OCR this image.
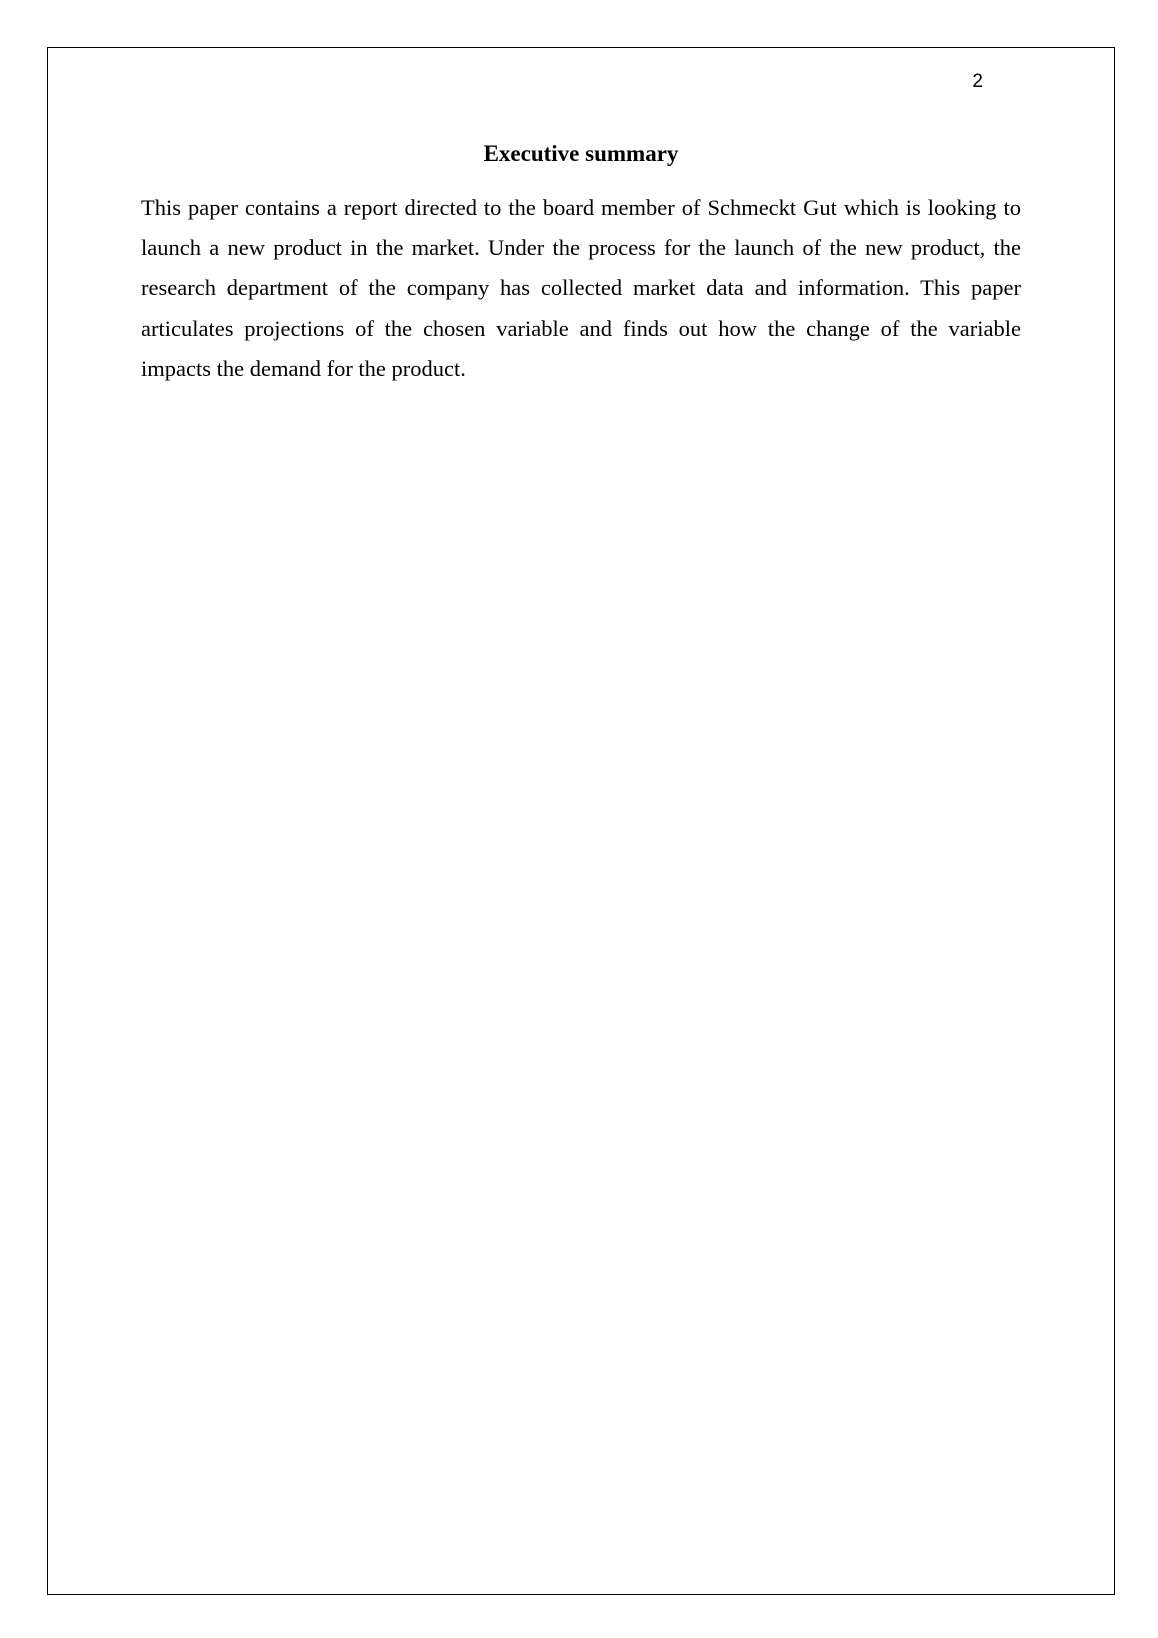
2
Executive summary

This paper contains a report directed to the board member of Schmeckt Gut which is looking to launch a new product in the market. Under the process for the launch of the new product, the research department of the company has collected market data and information. This paper articulates projections of the chosen variable and finds out how the change of the variable impacts the demand for the product.
